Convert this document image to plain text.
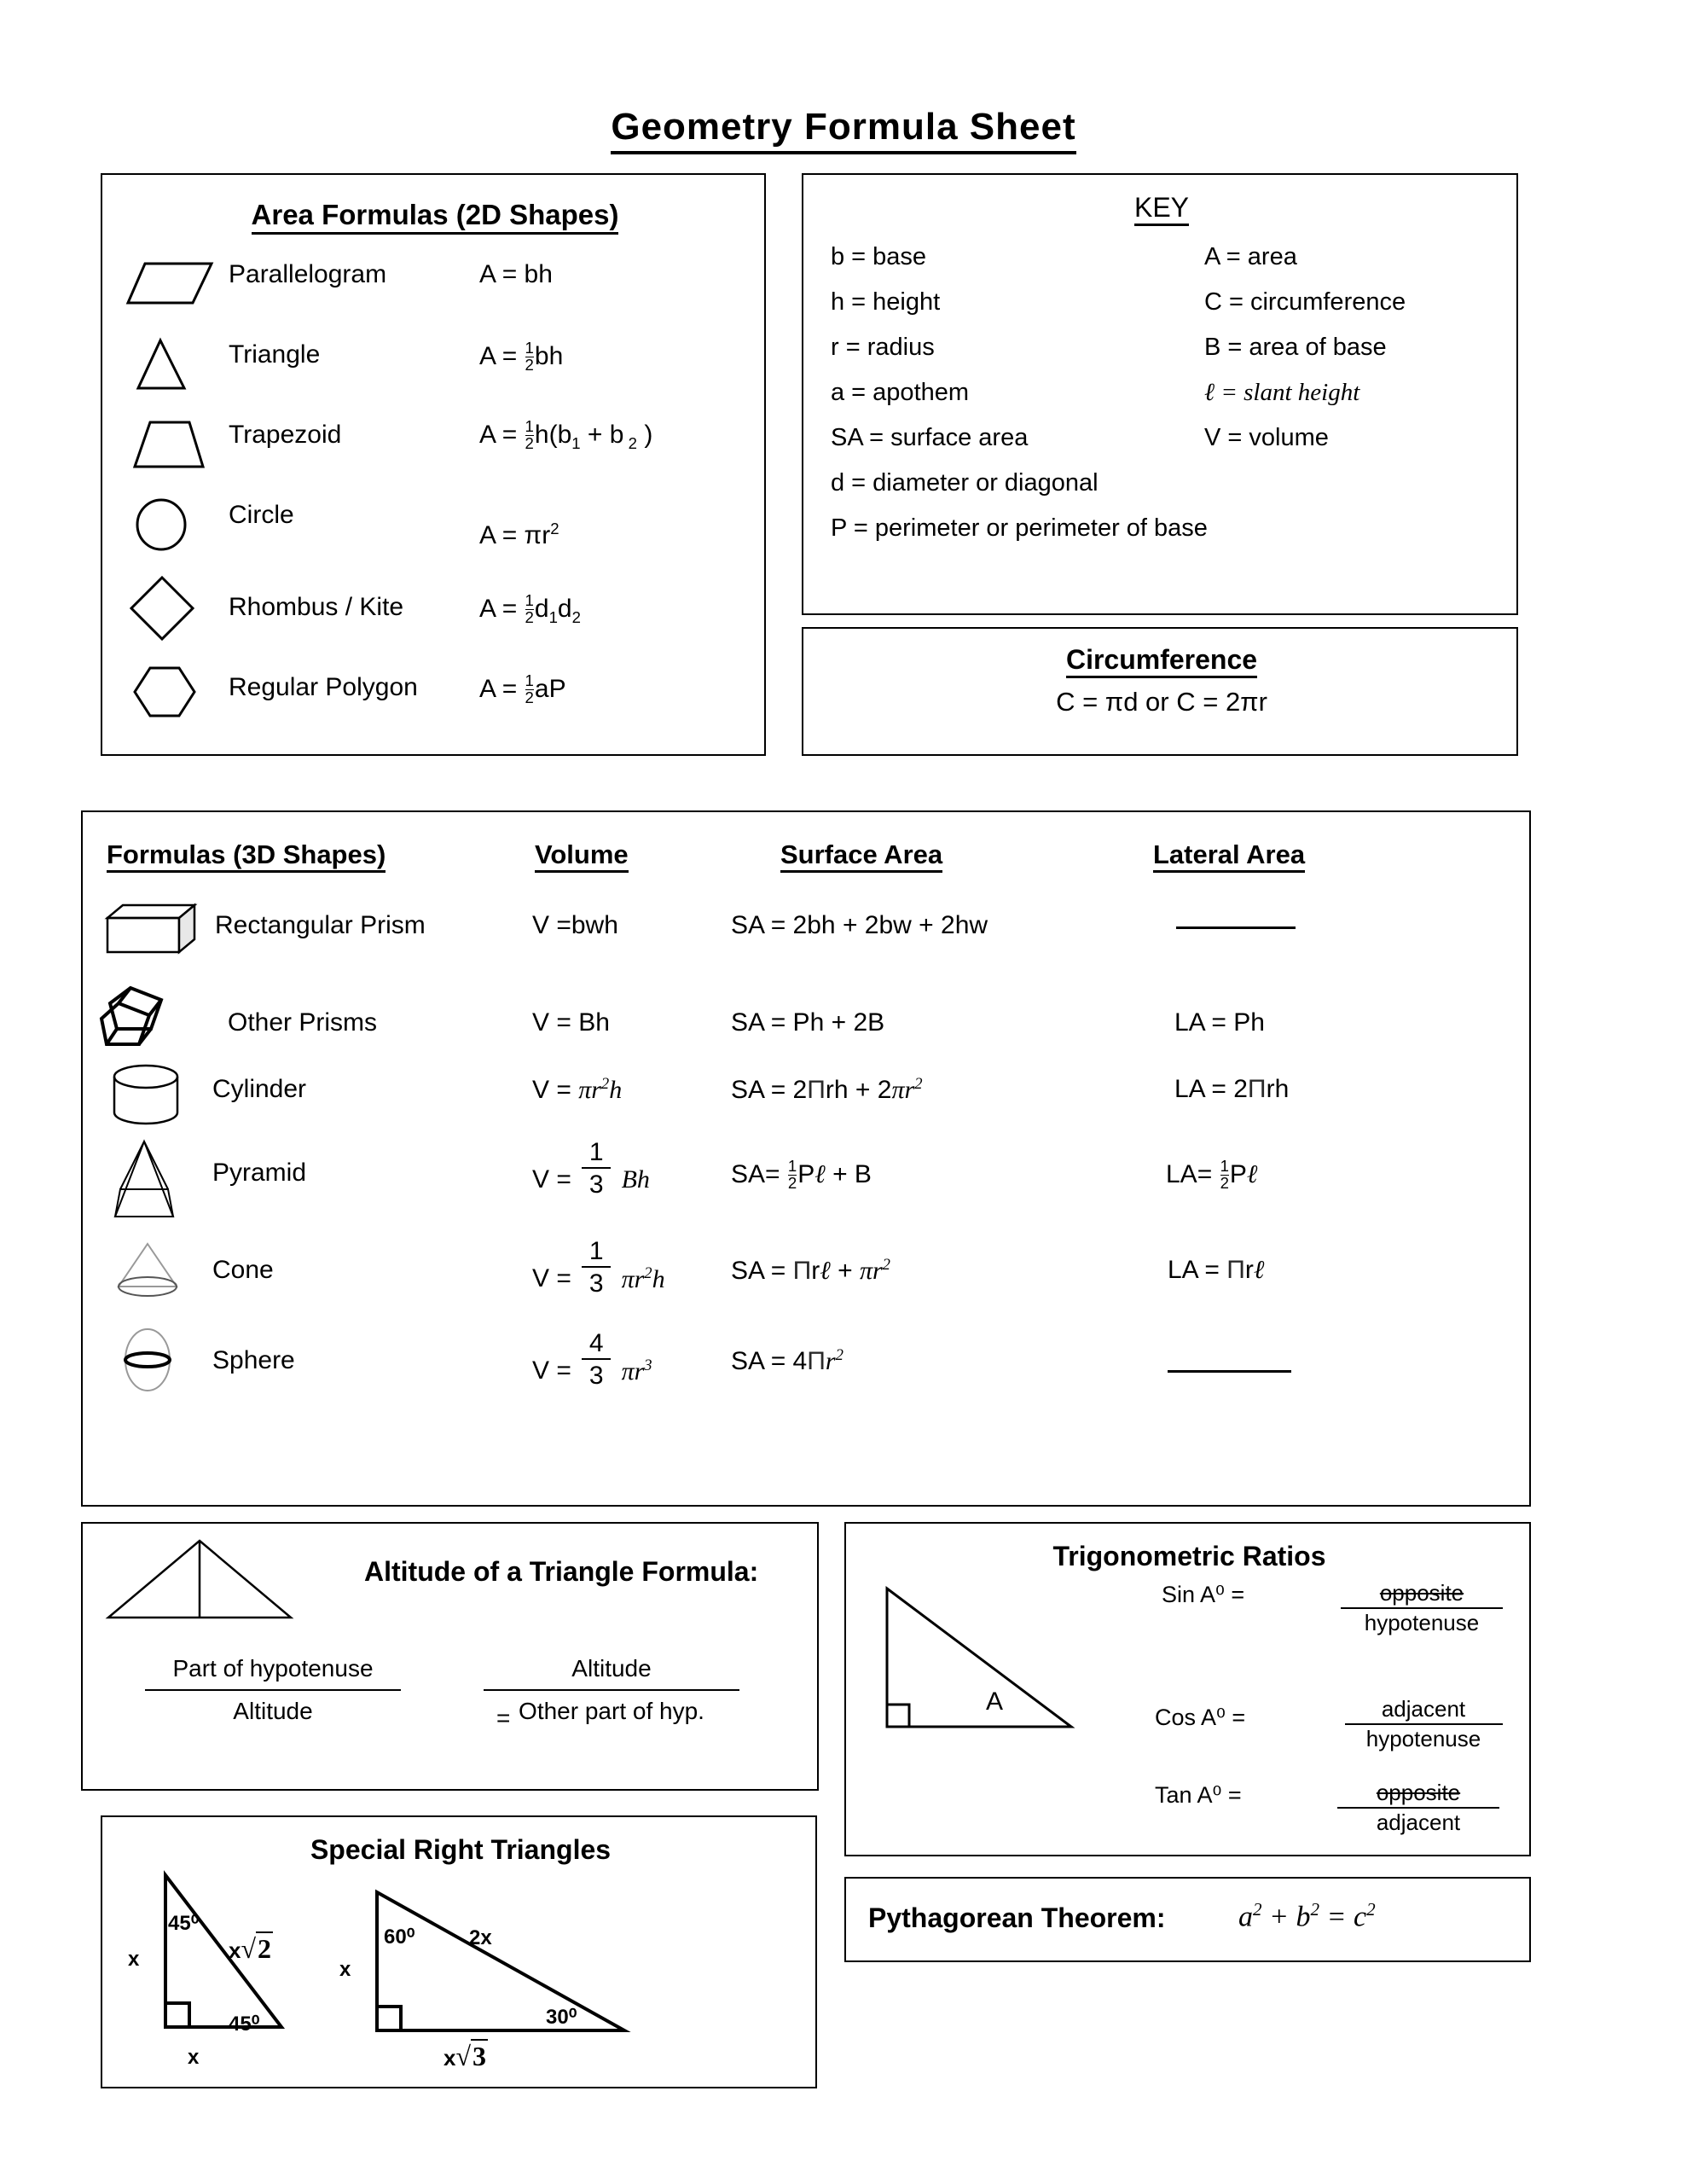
Geometry Formula Sheet
Area Formulas (2D Shapes)
Parallelogram	A = bh
Triangle	$A = \frac{1}{2}$ bh
Trapezoid	$A = \frac{1}{2} h(b_1 + b$ $_2$ )
Circle
$A = \pi r^2$
Rhombus / Kite	$A = \frac{1}{2} d_1d_2$
Regular Polygon $A = \frac{1}{2}$ aP
KEY
b = base
h = height
r = radius
a = apothem
SA = surface area
d = diameter or diagonal
P = perimeter or perimeter of base
A = area
C = circumference
B = area of base
ℓ = slant height
V = volume
Circumference
C = πd or C = 2πr
Formulas (3D Shapes)	Volume	Surface Area	Lateral Area
Rectangular Prism	V =bwh	SA = 2bh + 2bw + 2hw
Other Prisms	V = Bh	SA = Ph + 2B	LA = Ph
Cylinder	$V = \pi r^2h$	SA = $2\Pi rh + 2\pi r^2$	LA = 2Πrh
Pyramid	$V = \frac{1}{3}$ Bh	$SA= \frac{1}{2}$ Pℓ + B	$LA= \frac{1}{2}$ Pℓ
Cone	$V = \frac{1}{3} \pi r^2h$	SA = Πrℓ + $\pi r^2$	LA = Πrℓ
Sphere	$V = \frac{4}{3} \pi r^3$	SA = $4\Pi r^2$
Altitude of a Triangle Formula:
Part of hypotenuse
Altitude	=
Altitude
Other part of hyp.
Trigonometric Ratios
A
Sin A⁰ =	opposite
hypotenuse
Cos A⁰ =	adjacent
hypotenuse
Tan A⁰ =	opposite
adjacent
Special Right Triangles
45⁰
45⁰
x
x
x√2	60⁰
30⁰
x
2x
x√3
Pythagorean Theorem:	$a^2 + b^2 = c^2$
